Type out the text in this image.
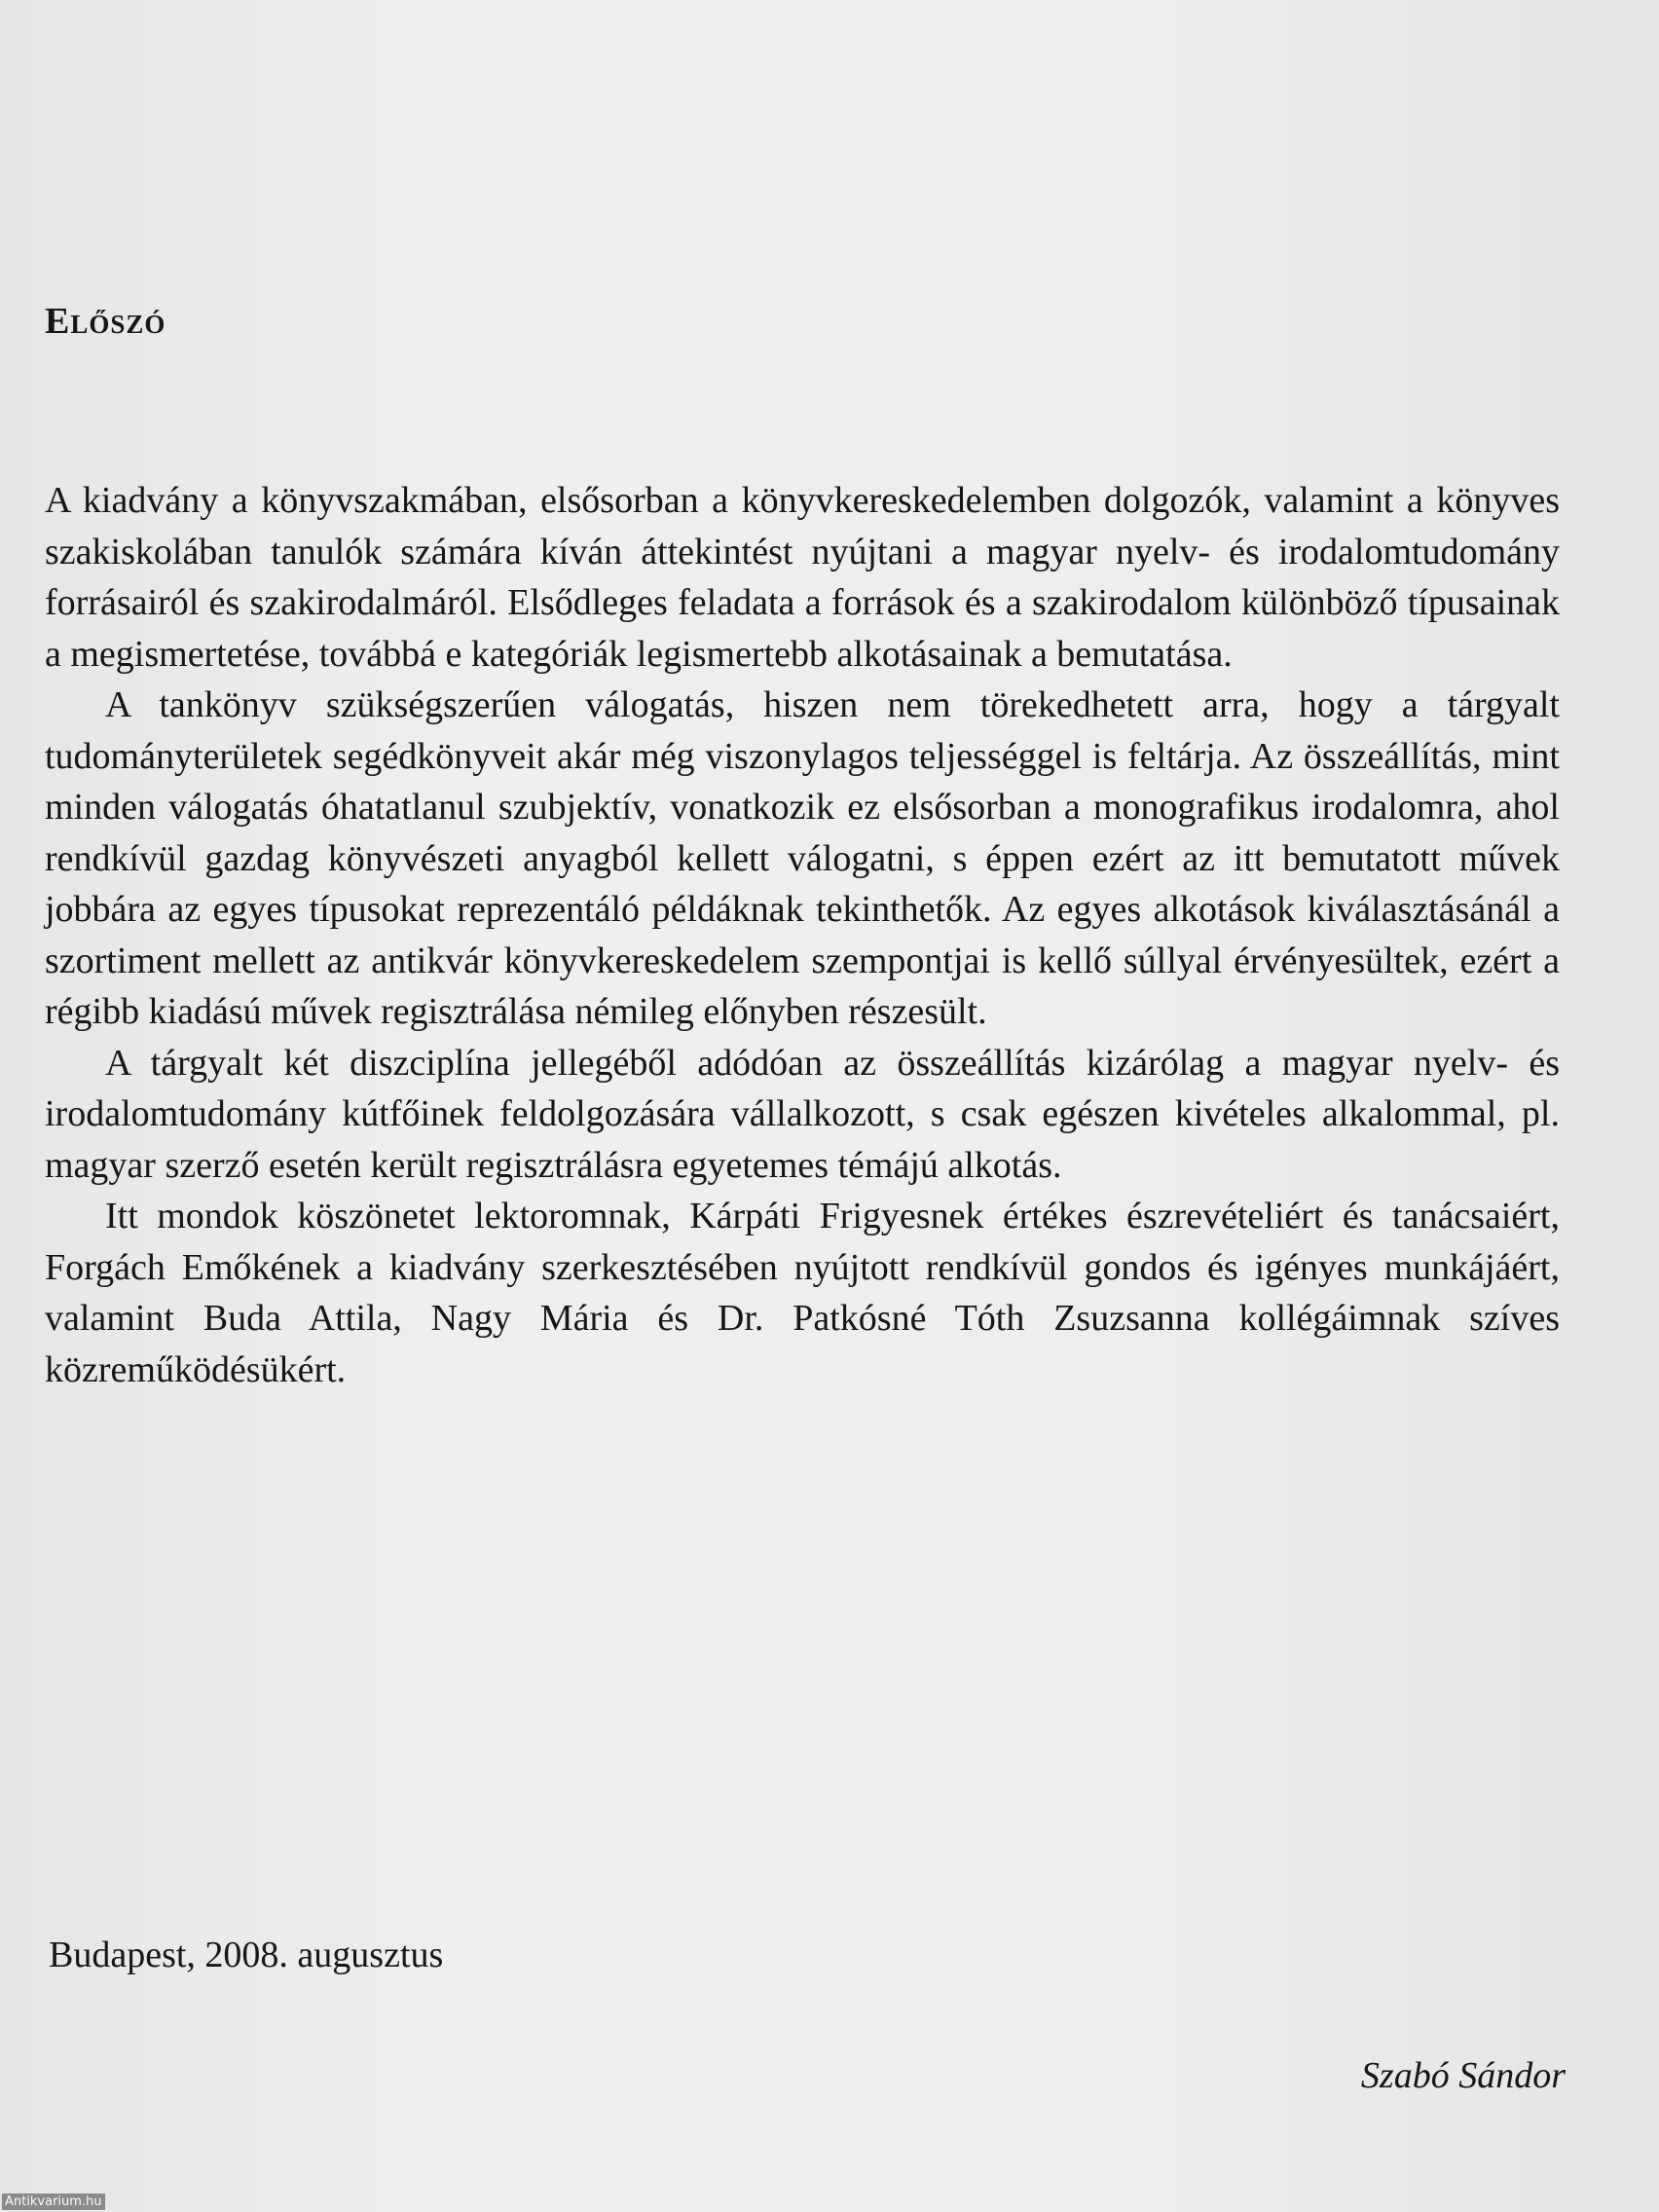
Előszó

A kiadvány a könyvszakmában, elsősorban a könyvkereskedelemben dolgozók, valamint a könyves szakiskolában tanulók számára kíván áttekintést nyújtani a magyar nyelv- és irodalomtudomány forrásairól és szakirodalmáról. Elsődleges feladata a források és a szakirodalom különböző típusainak a megismertetése, továbbá e kategóriák legismertebb alkotásainak a bemutatása.

A tankönyv szükségszerűen válogatás, hiszen nem törekedhetett arra, hogy a tárgyalt tudományterületek segédkönyveit akár még viszonylagos teljességgel is feltárja. Az összeállítás, mint minden válogatás óhatatlanul szubjektív, vonatkozik ez elsősorban a monografikus irodalomra, ahol rendkívül gazdag könyvészeti anyagból kellett válogatni, s éppen ezért az itt bemutatott művek jobbára az egyes típusokat reprezentáló példáknak tekinthetők. Az egyes alkotások kiválasztásánál a szortiment mellett az antikvár könyvkereskedelem szempontjai is kellő súllyal érvényesültek, ezért a régibb kiadású művek regisztrálása némileg előnyben részesült.

A tárgyalt két diszciplína jellegéből adódóan az összeállítás kizárólag a magyar nyelv- és irodalomtudomány kútfőinek feldolgozására vállalkozott, s csak egészen kivételes alkalommal, pl. magyar szerző esetén került regisztrálásra egyetemes témájú alkotás.

Itt mondok köszönetet lektoromnak, Kárpáti Frigyesnek értékes észrevételiért és tanácsaiért, Forgách Emőkének a kiadvány szerkesztésében nyújtott rendkívül gondos és igényes munkájáért, valamint Buda Attila, Nagy Mária és Dr. Patkósné Tóth Zsuzsanna kollégáimnak szíves közreműködésükért.

Budapest, 2008. augusztus

Szabó Sándor

Antikvarium.hu
